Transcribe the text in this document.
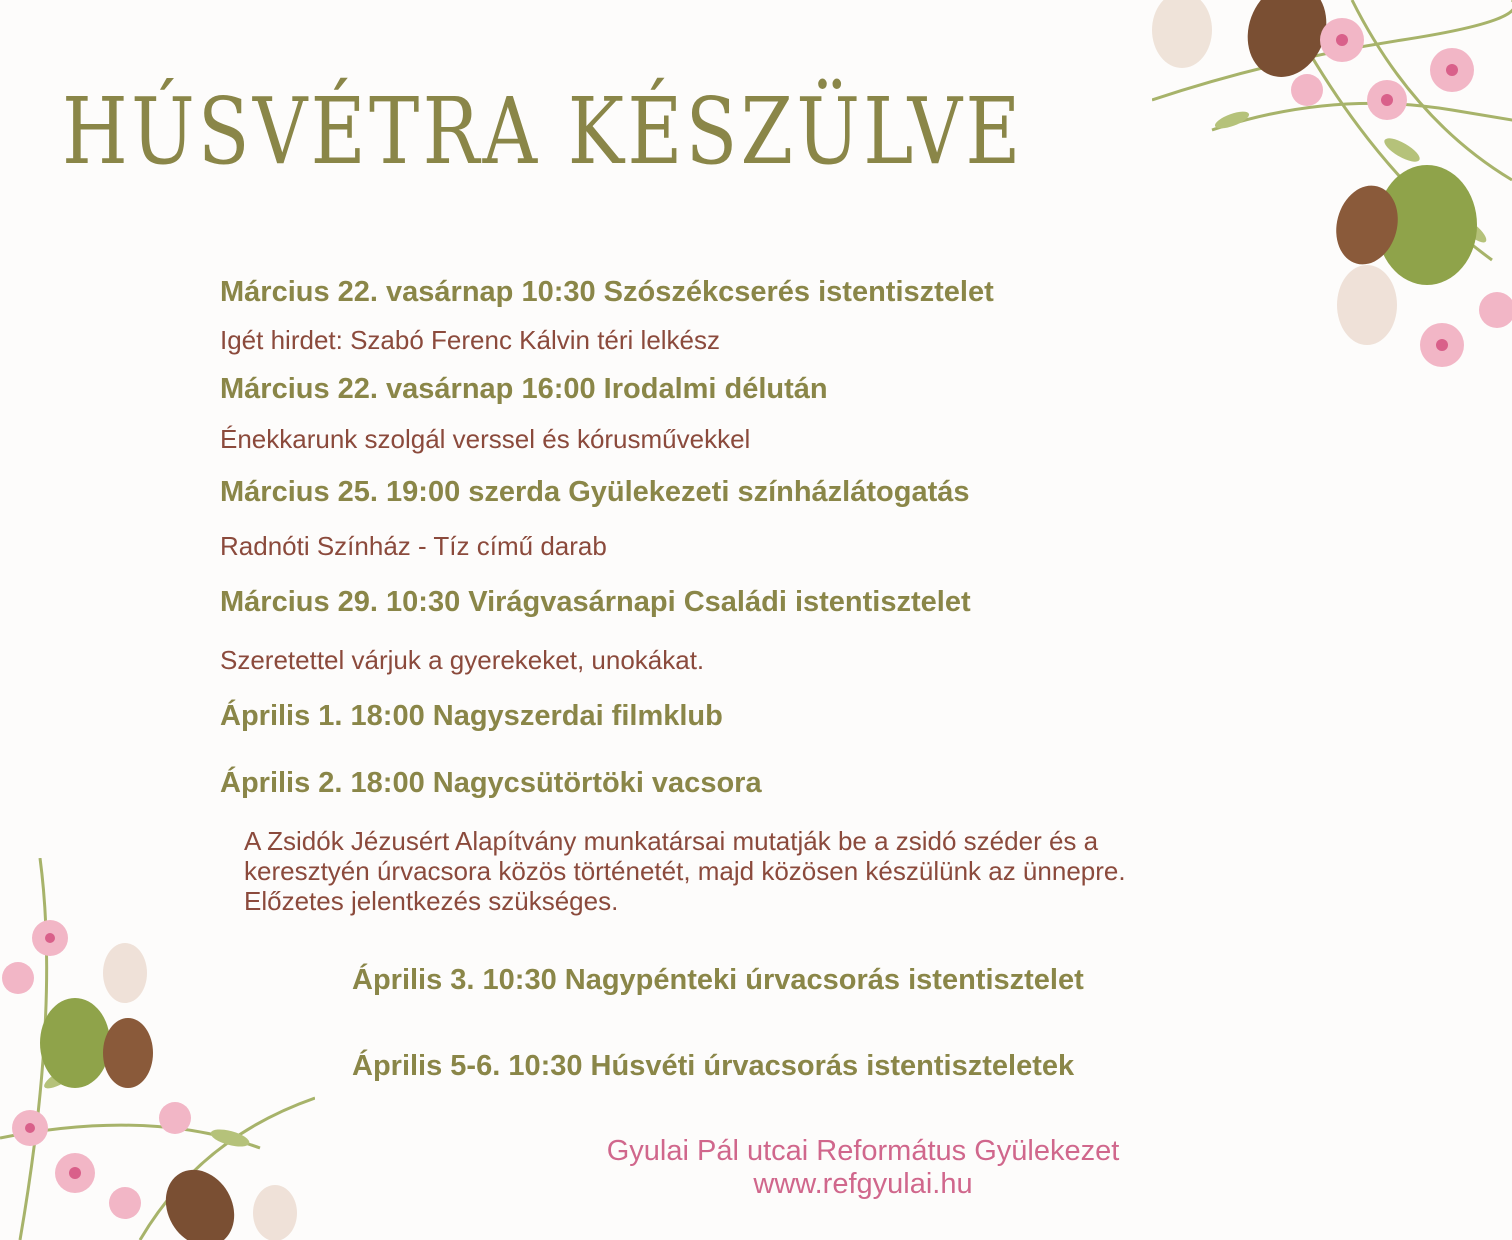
HÚSVÉTRA KÉSZÜLVE

Március 22. vasárnap 10:30 Szószékcserés istentisztelet

Igét hirdet: Szabó Ferenc Kálvin téri lelkész

Március 22. vasárnap 16:00 Irodalmi délután

Énekkarunk szolgál verssel és kórusművekkel

Március 25. 19:00 szerda Gyülekezeti színházlátogatás

Radnóti Színház - Tíz című darab

Március 29. 10:30 Virágvasárnapi Családi istentisztelet

Szeretettel várjuk a gyerekeket, unokákat.

Április 1. 18:00 Nagyszerdai filmklub

Április 2. 18:00 Nagycsütörtöki vacsora

A Zsidók Jézusért Alapítvány munkatársai mutatják be a zsidó széder és a keresztyén úrvacsora közös történetét, majd közösen készülünk az ünnepre. Előzetes jelentkezés szükséges.

Április 3. 10:30 Nagypénteki úrvacsorás istentisztelet

Április 5-6. 10:30 Húsvéti úrvacsorás istentiszteletek

Gyulai Pál utcai Református Gyülekezet

www.refgyulai.hu
